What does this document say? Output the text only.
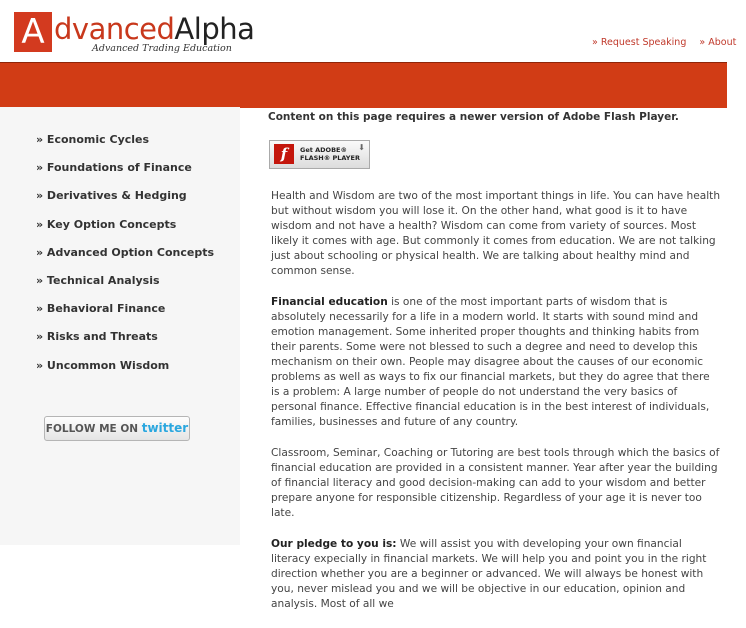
A dvancedAlpha
Advanced Trading Education
» Request Speaking » About
» Economic Cycles
» Foundations of Finance
» Derivatives & Hedging
» Key Option Concepts
» Advanced Option Concepts
» Technical Analysis
» Behavioral Finance
» Risks and Threats
» Uncommon Wisdom
FOLLOW ME ON twitter
Content on this page requires a newer version of Adobe Flash Player.
f	Get ADOBE®
FLASH® PLAYER
⬇

Health and Wisdom are two of the most important things in life. You can have health but without wisdom you will lose it. On the other hand, what good is it to have wisdom and not have a health? Wisdom can come from variety of sources. Most likely it comes with age. But commonly it comes from education. We are not talking just about schooling or physical health. We are talking about healthy mind and common sense.

Financial education is one of the most important parts of wisdom that is absolutely necessarily for a life in a modern world. It starts with sound mind and emotion management. Some inherited proper thoughts and thinking habits from their parents. Some were not blessed to such a degree and need to develop this mechanism on their own. People may disagree about the causes of our economic problems as well as ways to fix our financial markets, but they do agree that there is a problem: A large number of people do not understand the very basics of personal finance. Effective financial education is in the best interest of individuals, families, businesses and future of any country.

Classroom, Seminar, Coaching or Tutoring are best tools through which the basics of financial education are provided in a consistent manner. Year after year the building of financial literacy and good decision-making can add to your wisdom and better prepare anyone for responsible citizenship. Regardless of your age it is never too late.

Our pledge to you is: We will assist you with developing your own financial literacy expecially in financial markets. We will help you and point you in the right direction whether you are a beginner or advanced. We will always be honest with you, never mislead you and we will be objective in our education, opinion and analysis. Most of all we
